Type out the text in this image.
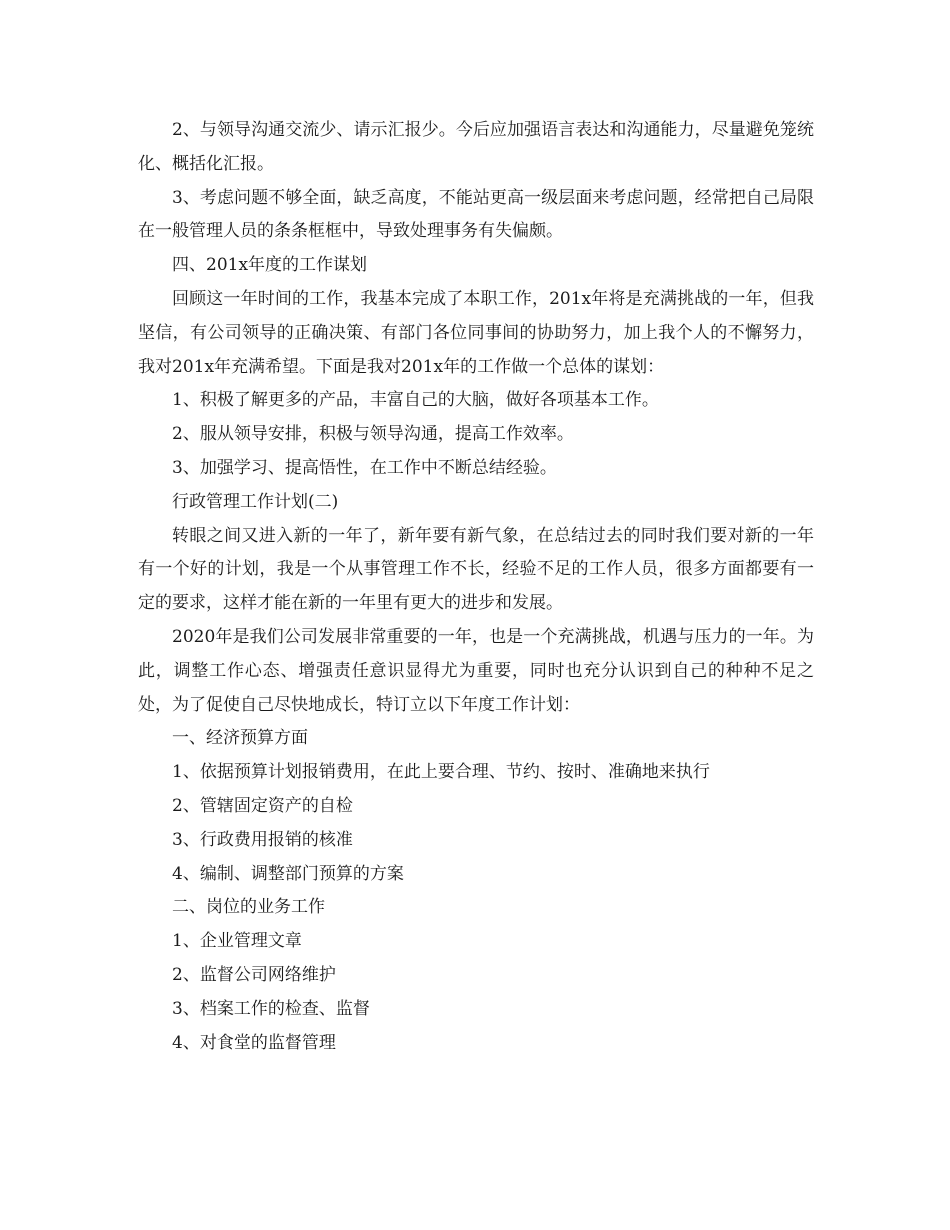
2、与领导沟通交流少、请示汇报少。今后应加强语言表达和沟通能力，尽量避免笼统化、概括化汇报。

3、考虑问题不够全面，缺乏高度，不能站更高一级层面来考虑问题，经常把自己局限在一般管理人员的条条框框中，导致处理事务有失偏颇。

四、201x年度的工作谋划

回顾这一年时间的工作，我基本完成了本职工作，201x年将是充满挑战的一年，但我坚信，有公司领导的正确决策、有部门各位同事间的协助努力，加上我个人的不懈努力，我对201x年充满希望。下面是我对201x年的工作做一个总体的谋划：

1、积极了解更多的产品，丰富自己的大脑，做好各项基本工作。

2、服从领导安排，积极与领导沟通，提高工作效率。

3、加强学习、提高悟性，在工作中不断总结经验。

行政管理工作计划(二)

转眼之间又进入新的一年了，新年要有新气象，在总结过去的同时我们要对新的一年有一个好的计划，我是一个从事管理工作不长，经验不足的工作人员，很多方面都要有一定的要求，这样才能在新的一年里有更大的进步和发展。

2020年是我们公司发展非常重要的一年，也是一个充满挑战，机遇与压力的一年。为此，调整工作心态、增强责任意识显得尤为重要，同时也充分认识到自己的种种不足之处，为了促使自己尽快地成长，特订立以下年度工作计划：

一、经济预算方面

1、依据预算计划报销费用，在此上要合理、节约、按时、准确地来执行

2、管辖固定资产的自检

3、行政费用报销的核准

4、编制、调整部门预算的方案

二、岗位的业务工作

1、企业管理文章

2、监督公司网络维护

3、档案工作的检查、监督

4、对食堂的监督管理
